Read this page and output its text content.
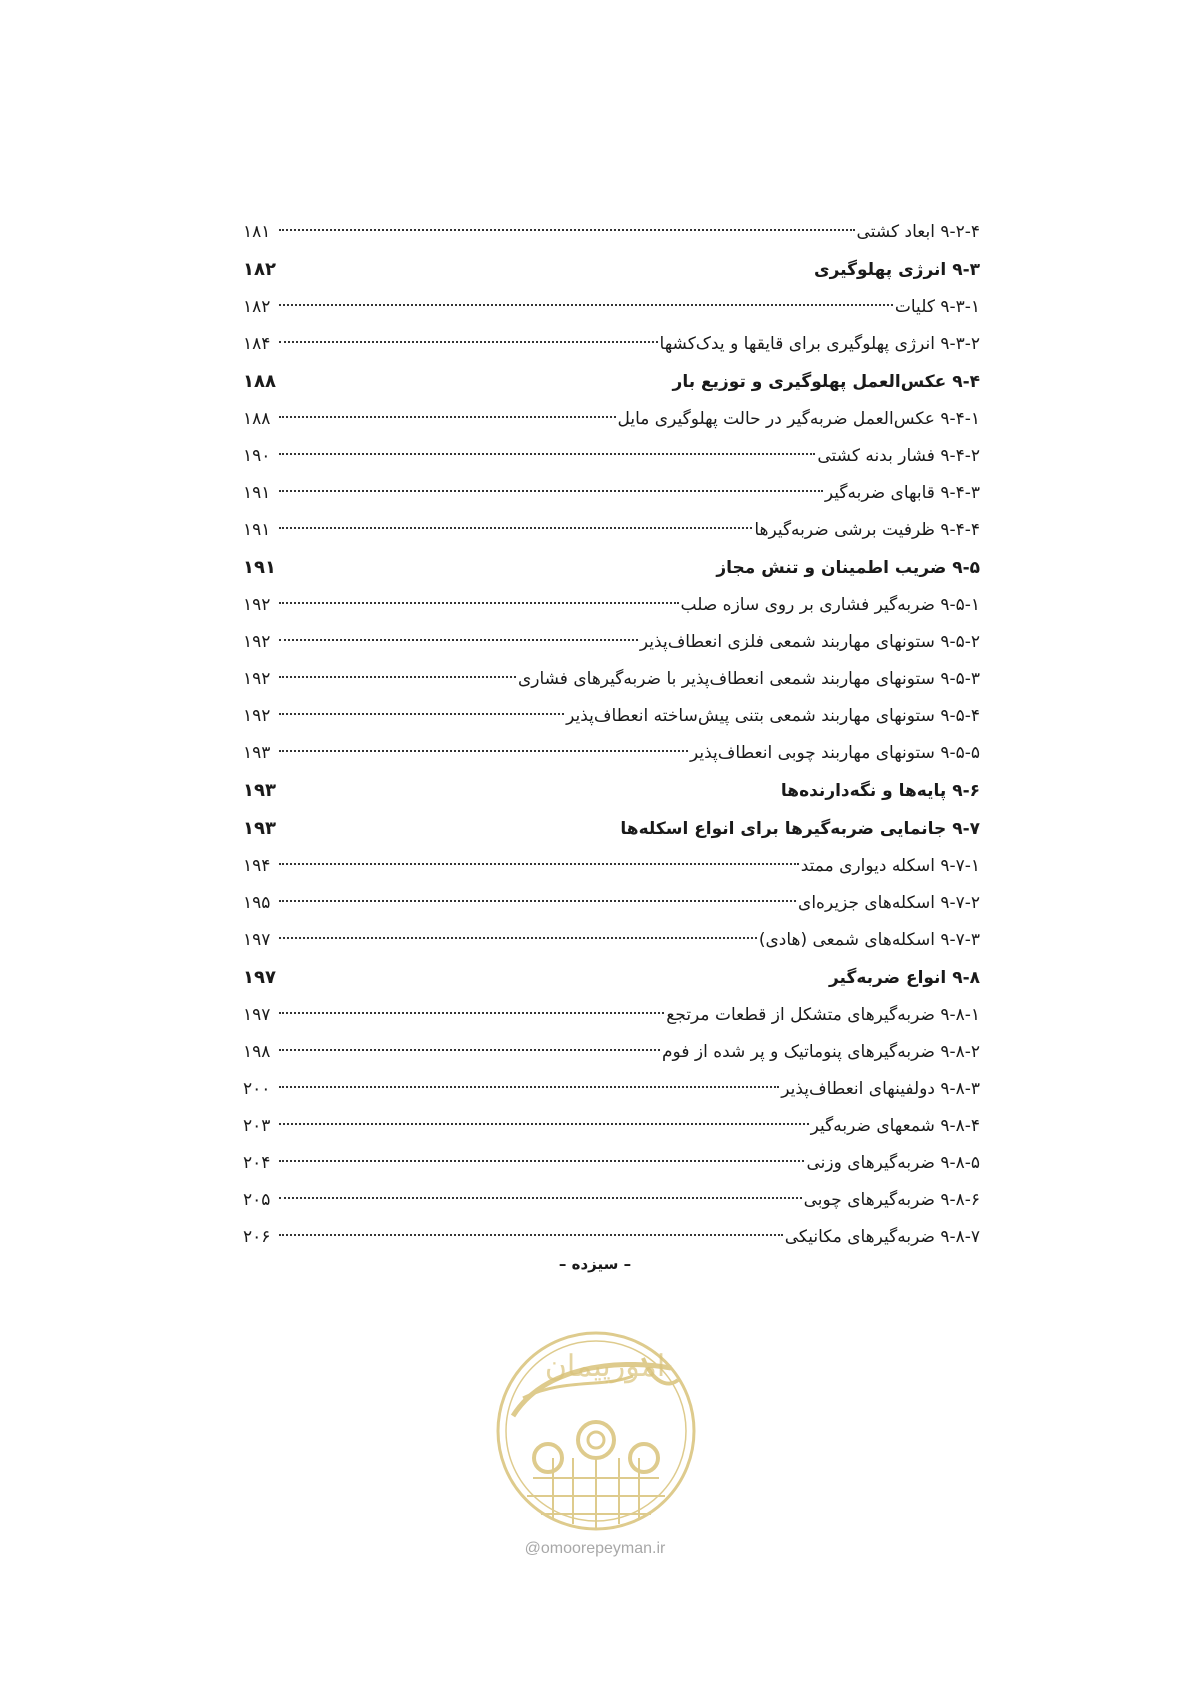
۹-۲-۴ ابعاد کشتی
۱۸۱
۹-۳ انرژی پهلوگیری
۱۸۲
۹-۳-۱ کلیات
۱۸۲
۹-۳-۲ انرژی پهلوگیری برای قایقها و یدک‌کشها
۱۸۴
۹-۴ عکس‌العمل پهلوگیری و توزیع بار
۱۸۸
۹-۴-۱ عکس‌العمل ضربه‌گیر در حالت پهلوگیری مایل
۱۸۸
۹-۴-۲ فشار بدنه کشتی
۱۹۰
۹-۴-۳ قابهای ضربه‌گیر
۱۹۱
۹-۴-۴ ظرفیت برشی ضربه‌گیرها
۱۹۱
۹-۵ ضریب اطمینان و تنش مجاز
۱۹۱
۹-۵-۱ ضربه‌گیر فشاری بر روی سازه صلب
۱۹۲
۹-۵-۲ ستونهای مهاربند شمعی فلزی انعطاف‌پذیر
۱۹۲
۹-۵-۳ ستونهای مهاربند شمعی انعطاف‌پذیر با ضربه‌گیرهای فشاری
۱۹۲
۹-۵-۴ ستونهای مهاربند شمعی بتنی پیش‌ساخته انعطاف‌پذیر
۱۹۲
۹-۵-۵ ستونهای مهاربند چوبی انعطاف‌پذیر
۱۹۳
۹-۶ پایه‌ها و نگه‌دارنده‌ها
۱۹۳
۹-۷ جانمایی ضربه‌گیرها برای انواع اسکله‌ها
۱۹۳
۹-۷-۱ اسکله دیواری ممتد
۱۹۴
۹-۷-۲ اسکله‌های جزیره‌ای
۱۹۵
۹-۷-۳ اسکله‌های شمعی (هادی)
۱۹۷
۹-۸ انواع ضربه‌گیر
۱۹۷
۹-۸-۱ ضربه‌گیرهای متشکل از قطعات مرتجع
۱۹۷
۹-۸-۲ ضربه‌گیرهای پنوماتیک و پر شده از فوم
۱۹۸
۹-۸-۳ دولفینهای انعطاف‌پذیر
۲۰۰
۹-۸-۴ شمعهای ضربه‌گیر
۲۰۳
۹-۸-۵ ضربه‌گیرهای وزنی
۲۰۴
۹-۸-۶ ضربه‌گیرهای چوبی
۲۰۵
۹-۸-۷ ضربه‌گیرهای مکانیکی
۲۰۶
– سیزده –
امورپیمان
@omoorepeyman.ir
